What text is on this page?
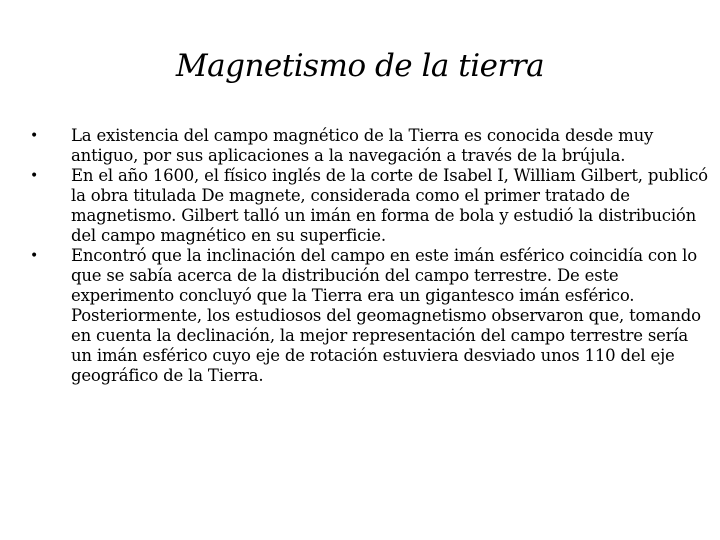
Magnetismo de la tierra
• La existencia del campo magnético de la Tierra es conocida desde muy antiguo, por sus aplicaciones a la navegación a través de la brújula.
• En el año 1600, el físico inglés de la corte de Isabel I, William Gilbert, publicó la obra titulada De magnete, considerada como el primer tratado de magnetismo. Gilbert talló un imán en forma de bola y estudió la distribución del campo magnético en su superficie.
• Encontró que la inclinación del campo en este imán esférico coincidía con lo que se sabía acerca de la distribución del campo terrestre. De este experimento concluyó que la Tierra era un gigantesco imán esférico. Posteriormente, los estudiosos del geomagnetismo observaron que, tomando en cuenta la declinación, la mejor representación del campo terrestre sería un imán esférico cuyo eje de rotación estuviera desviado unos 110 del eje geográfico de la Tierra.
